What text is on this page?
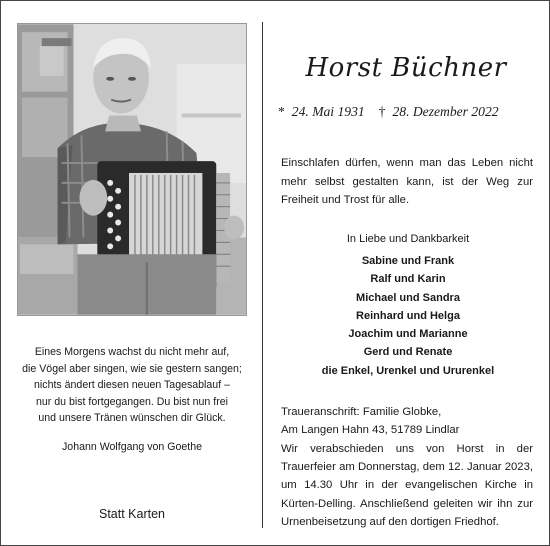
Eines Morgens wachst du nicht mehr auf,
die Vögel aber singen, wie sie gestern sangen;
nichts ändert diesen neuen Tagesablauf –
nur du bist fortgegangen. Du bist nun frei
und unsere Tränen wünschen dir Glück.
Johann Wolfgang von Goethe
Statt Karten
Horst Büchner
* 24. Mai 1931 † 28. Dezember 2022
Einschlafen dürfen, wenn man das Leben nicht mehr selbst gestalten kann, ist der Weg zur Freiheit und Trost für alle.
In Liebe und Dankbarkeit
Sabine und Frank
Ralf und Karin
Michael und Sandra
Reinhard und Helga
Joachim und Marianne
Gerd und Renate
die Enkel, Urenkel und Ururenkel
Traueranschrift: Familie Globke,
Am Langen Hahn 43, 51789 Lindlar
Wir verabschieden uns von Horst in der Trauerfeier am Donnerstag, dem 12. Januar 2023, um 14.30 Uhr in der evangelischen Kirche in Kürten-Delling. Anschließend geleiten wir ihn zur Urnenbeisetzung auf den dortigen Friedhof.
